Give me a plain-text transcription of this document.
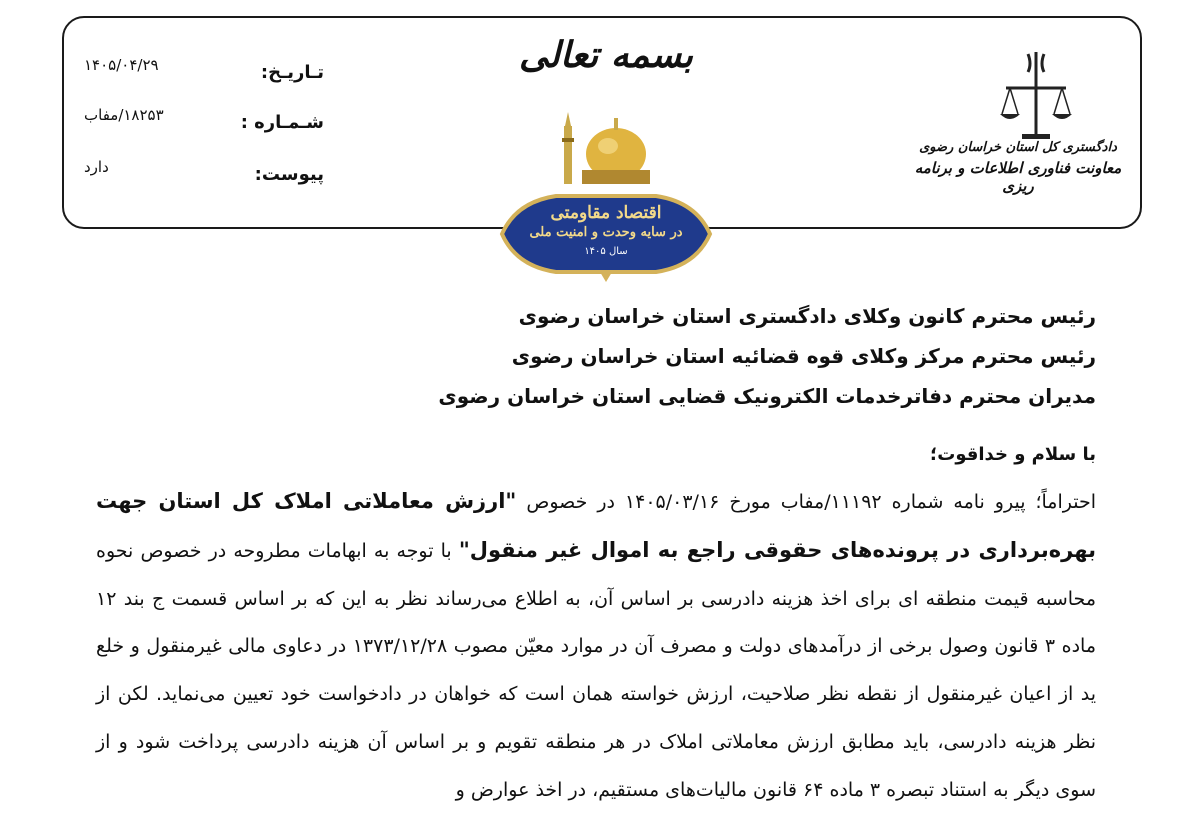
تـاریـخ:
۱۴۰۵/۰۴/۲۹
شـمـاره :
۱۸۲۵۳/مفاب
پیوست:
دارد
بسمه تعالی
اقتصاد مقاومتی
در سایه وحدت و امنیت ملی
سال ۱۴۰۵
دادگستری کل استان خراسان رضوی
معاونت فناوری اطلاعات و برنامه ریزی
رئیس محترم کانون وکلای دادگستری استان خراسان رضوی
رئیس محترم مرکز وکلای قوه قضائیه استان خراسان رضوی
مدیران محترم دفاترخدمات الکترونیک قضایی استان خراسان رضوی
با سلام و خداقوت؛
احتراماً؛ پیرو نامه شماره ۱۱۱۹۲/مفاب مورخ ۱۴۰۵/۰۳/۱۶ در خصوص "ارزش معاملاتی املاک کل استان جهت بهره‌برداری در پرونده‌های حقوقی راجع به اموال غیر منقول" با توجه به ابهامات مطروحه در خصوص نحوه محاسبه قیمت منطقه ای برای اخذ هزینه دادرسی بر اساس آن، به اطلاع می‌رساند نظر به این که بر اساس قسمت ج بند ۱۲ ماده ۳ قانون وصول برخی از درآمدهای دولت و مصرف آن در موارد معیّن مصوب ۱۳۷۳/۱۲/۲۸ در دعاوی مالی غیرمنقول و خلع ید از اعیان غیرمنقول از نقطه نظر صلاحیت، ارزش خواسته همان است که خواهان در دادخواست خود تعیین می‌نماید. لکن از نظر هزینه دادرسی، باید مطابق ارزش معاملاتی املاک در هر منطقه تقویم و بر اساس آن هزینه دادرسی پرداخت شود و از سوی دیگر به استناد تبصره ۳ ماده ۶۴ قانون مالیات‌های مستقیم، در اخذ عوارض و
